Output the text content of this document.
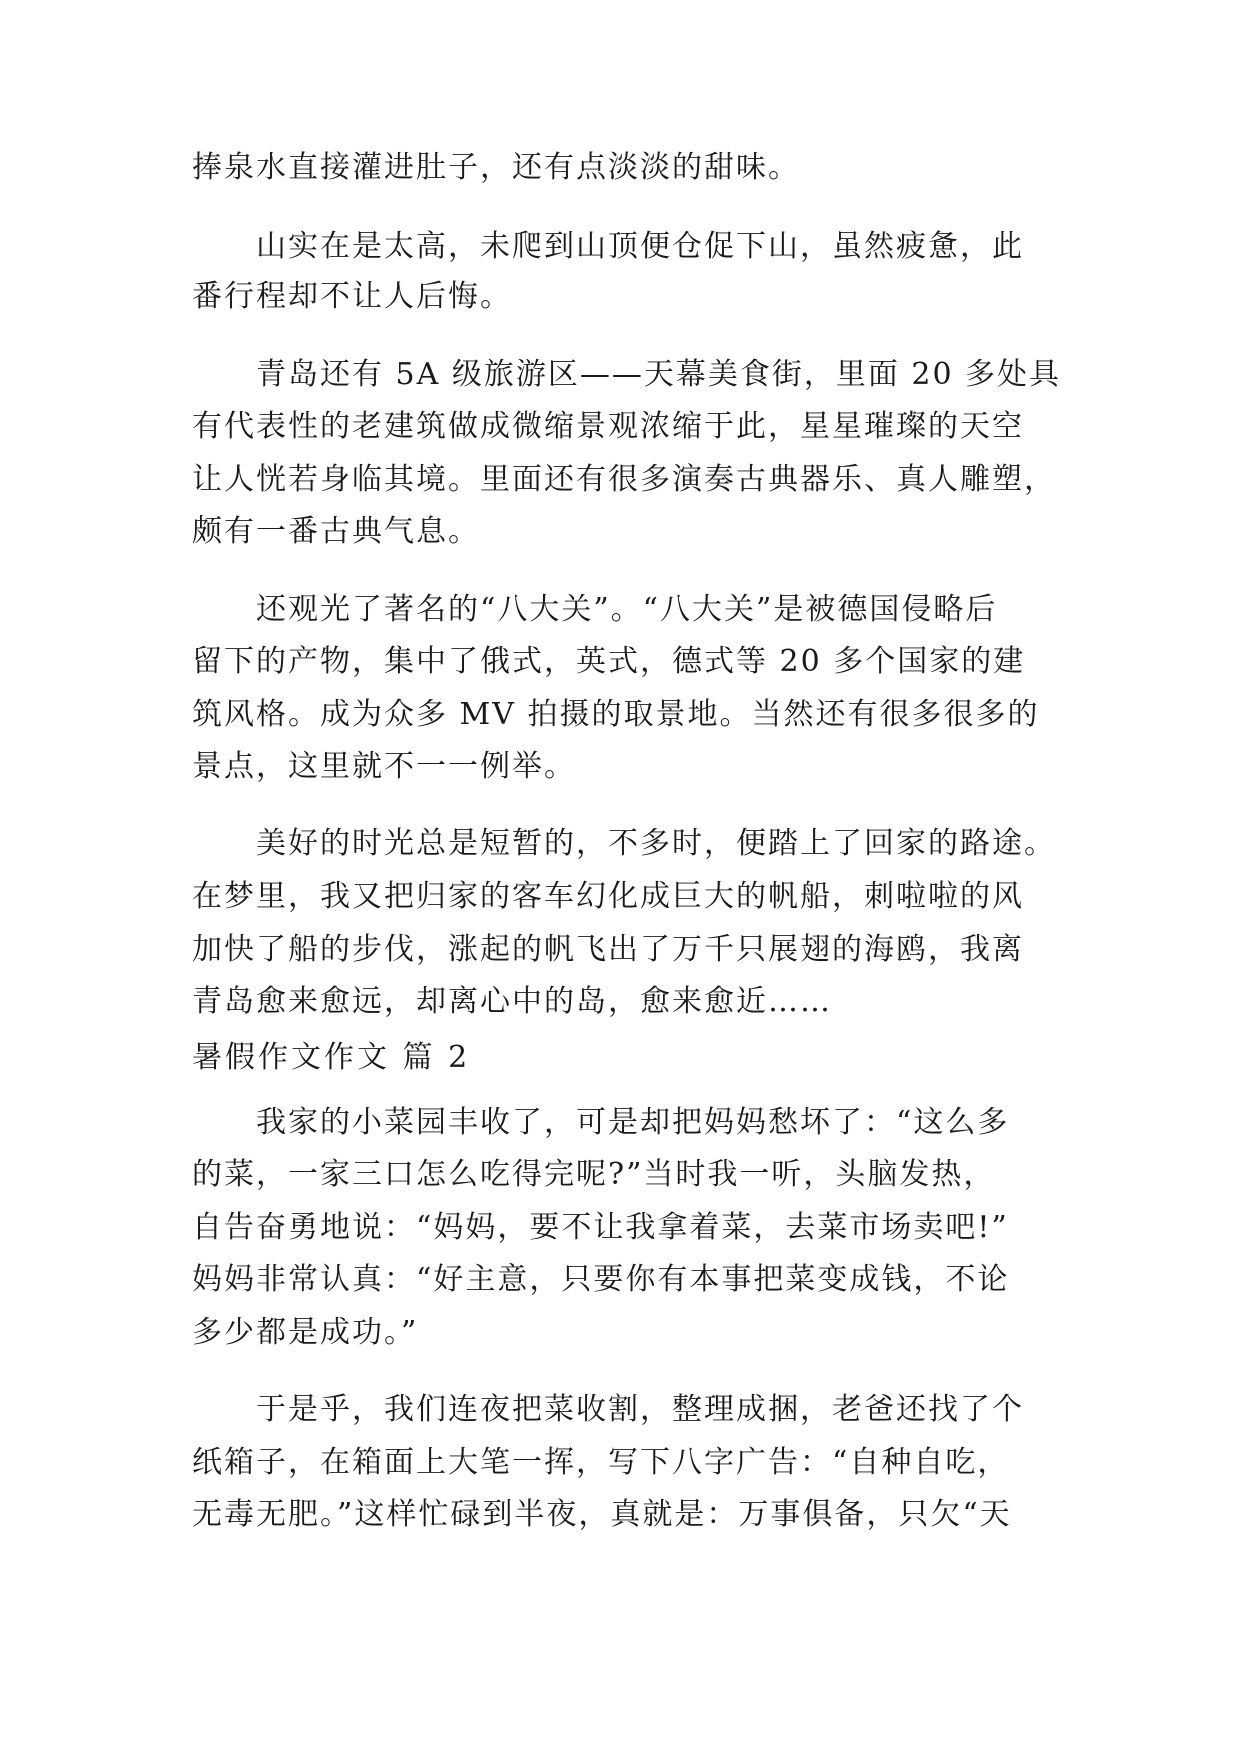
捧泉水直接灌进肚子，还有点淡淡的甜味。
山实在是太高，未爬到山顶便仓促下山，虽然疲惫，此
番行程却不让人后悔。
青岛还有 5A 级旅游区——天幕美食街，里面 20 多处具
有代表性的老建筑做成微缩景观浓缩于此，星星璀璨的天空
让人恍若身临其境。里面还有很多演奏古典器乐、真人雕塑，
颇有一番古典气息。
还观光了著名的“八大关”。“八大关”是被德国侵略后
留下的产物，集中了俄式，英式，德式等 20 多个国家的建
筑风格。成为众多 MV 拍摄的取景地。当然还有很多很多的
景点，这里就不一一例举。
美好的时光总是短暂的，不多时，便踏上了回家的路途。
在梦里，我又把归家的客车幻化成巨大的帆船，刺啦啦的风
加快了船的步伐，涨起的帆飞出了万千只展翅的海鸥，我离
青岛愈来愈远，却离心中的岛，愈来愈近……
暑假作文作文 篇 2
我家的小菜园丰收了，可是却把妈妈愁坏了：“这么多
的菜，一家三口怎么吃得完呢?”当时我一听，头脑发热，
自告奋勇地说：“妈妈，要不让我拿着菜，去菜市场卖吧!”
妈妈非常认真：“好主意，只要你有本事把菜变成钱，不论
多少都是成功。”
于是乎，我们连夜把菜收割，整理成捆，老爸还找了个
纸箱子，在箱面上大笔一挥，写下八字广告：“自种自吃，
无毒无肥。”这样忙碌到半夜，真就是：万事俱备，只欠“天
